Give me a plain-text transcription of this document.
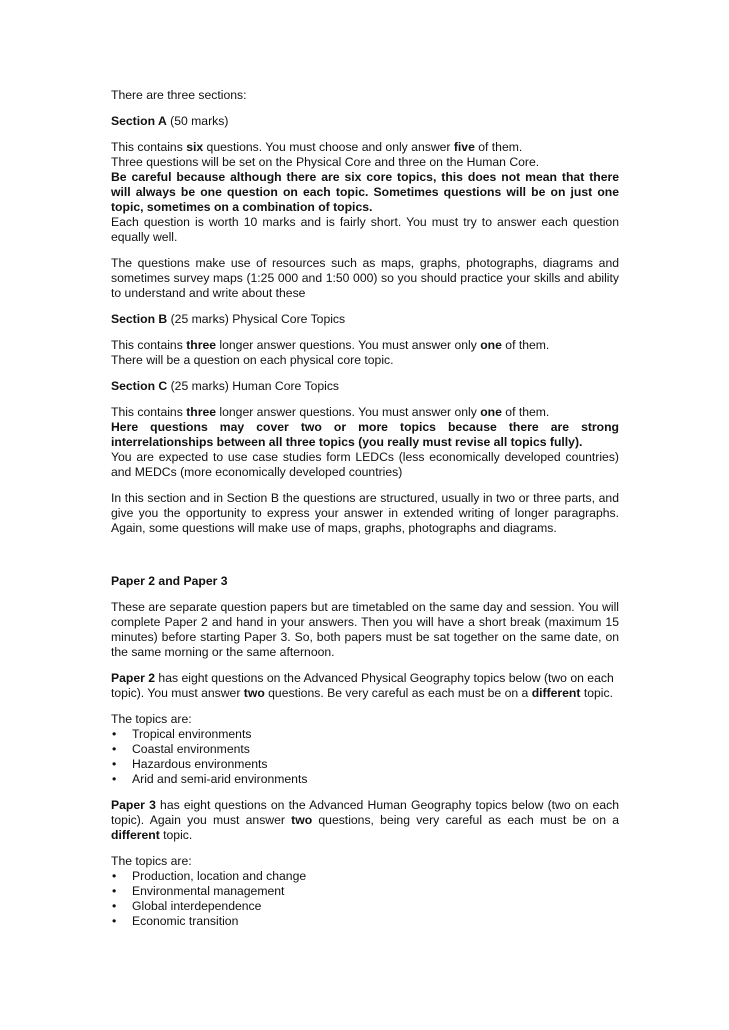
There are three sections:

Section A (50 marks)

This contains six questions. You must choose and only answer five of them.
Three questions will be set on the Physical Core and three on the Human Core.
Be careful because although there are six core topics, this does not mean that there will always be one question on each topic. Sometimes questions will be on just one topic, sometimes on a combination of topics.
Each question is worth 10 marks and is fairly short. You must try to answer each question equally well.

The questions make use of resources such as maps, graphs, photographs, diagrams and sometimes survey maps (1:25 000 and 1:50 000) so you should practice your skills and ability to understand and write about these

Section B (25 marks) Physical Core Topics

This contains three longer answer questions. You must answer only one of them.
There will be a question on each physical core topic.

Section C (25 marks) Human Core Topics

This contains three longer answer questions. You must answer only one of them.
Here questions may cover two or more topics because there are strong interrelationships between all three topics (you really must revise all topics fully).
You are expected to use case studies form LEDCs (less economically developed countries) and MEDCs (more economically developed countries)

In this section and in Section B the questions are structured, usually in two or three parts, and give you the opportunity to express your answer in extended writing of longer paragraphs. Again, some questions will make use of maps, graphs, photographs and diagrams.

Paper 2 and Paper 3

These are separate question papers but are timetabled on the same day and session. You will complete Paper 2 and hand in your answers. Then you will have a short break (maximum 15 minutes) before starting Paper 3. So, both papers must be sat together on the same date, on the same morning or the same afternoon.

Paper 2 has eight questions on the Advanced Physical Geography topics below (two on each topic). You must answer two questions. Be very careful as each must be on a different topic.

The topics are:
• Tropical environments
• Coastal environments
• Hazardous environments
• Arid and semi-arid environments

Paper 3 has eight questions on the Advanced Human Geography topics below (two on each topic). Again you must answer two questions, being very careful as each must be on a different topic.

The topics are:
• Production, location and change
• Environmental management
• Global interdependence
• Economic transition
